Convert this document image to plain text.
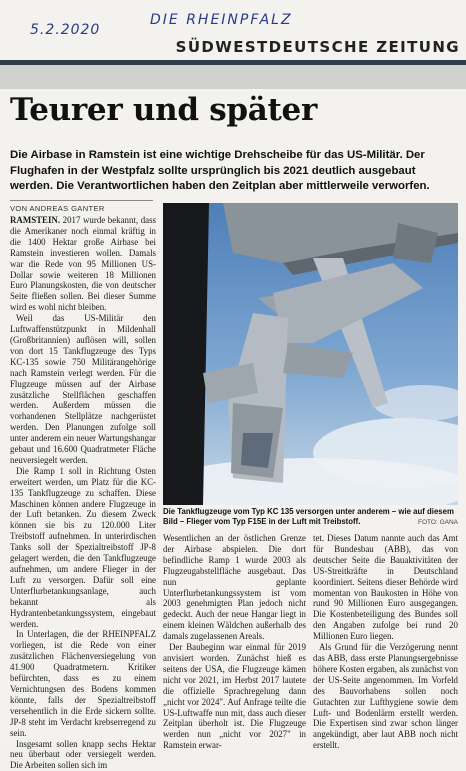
5.2.2020
DIE RHEINPFALZ
SÜDWESTDEUTSCHE ZEITUNG
Teurer und später
Die Airbase in Ramstein ist eine wichtige Drehscheibe für das US-Militär. Der Flughafen in der Westpfalz sollte ursprünglich bis 2021 deutlich ausgebaut werden. Die Verantwortlichen haben den Zeitplan aber mittlerweile verworfen.
VON ANDREAS GANTER

RAMSTEIN. 2017 wurde bekannt, dass die Amerikaner noch einmal kräftig in die 1400 Hektar große Airbase bei Ramstein investieren wollen. Damals war die Rede von 95 Millionen US-Dollar sowie weiteren 18 Millionen Euro Planungskosten, die von deutscher Seite fließen sollen. Bei dieser Summe wird es wohl nicht bleiben.

Weil das US-Militär den Luftwaffenstützpunkt in Mildenhall (Großbritannien) auflösen will, sollen von dort 15 Tankflugzeuge des Typs KC-135 sowie 750 Militärangehörige nach Ramstein verlegt werden. Für die Flugzeuge müssen auf der Airbase zusätzliche Stellflächen geschaffen werden. Außerdem müssen die vorhandenen Stellplätze nachgerüstet werden. Den Planungen zufolge soll unter anderem ein neuer Wartungshangar gebaut und 16.600 Quadratmeter Fläche neuversiegelt werden.

Die Ramp 1 soll in Richtung Osten erweitert werden, um Platz für die KC-135 Tankflugzeuge zu schaffen. Diese Maschinen können andere Flugzeuge in der Luft betanken. Zu diesem Zweck können sie bis zu 120.000 Liter Treibstoff aufnehmen. In unterirdischen Tanks soll der Spezialtreibstoff JP-8 gelagert werden, die den Tankflugzeuge aufnehmen, um andere Flieger in der Luft zu versorgen. Dafür soll eine Unterflurbetankungsanlage, auch bekannt als Hydrantenbetankungssystem, eingebaut werden.

In Unterlagen, die der RHEINPFALZ vorliegen, ist die Rede von einer zusätzlichen Flächenversiegelung von 41.900 Quadratmetern. Kritiker befürchten, dass es zu einem Vernichtungsen des Bodens kommen könnte, falls der Spezialtreibstoff versehentlich in die Erde sickern sollte. JP-8 steht im Verdacht krebserregend zu sein.

Insgesamt sollen knapp sechs Hektar neu überbaut oder versiegelt werden. Die Arbeiten sollen sich im

Die Tankflugzeuge vom Typ KC 135 versorgen unter anderem – wie auf diesem Bild – Flieger vom Typ F15E in der Luft mit Treibstoff.	FOTO: GANA

Wesentlichen an der östlichen Grenze der Airbase abspielen. Die dort befindliche Ramp 1 wurde 2003 als Flugzeugabstellfläche ausgebaut. Das nun geplante Unterflurbetankungssystem ist vom 2003 genehmigten Plan jedoch nicht gedeckt. Auch der neue Hangar liegt in einem kleinen Wäldchen außerhalb des damals zugelassenen Areals.

Der Baubeginn war einmal für 2019 anvisiert worden. Zunächst hieß es seitens der USA, die Flugzeuge kämen nicht vor 2021, im Herbst 2017 lautete die offizielle Sprachregelung dann „nicht vor 2024". Auf Anfrage teilte die US-Luftwaffe nun mit, dass auch dieser Zeitplan überholt ist. Die Flugzeuge werden nun „nicht vor 2027" in Ramstein erwar-

tet. Dieses Datum nannte auch das Amt für Bundesbau (ABB), das von deutscher Seite die Bauaktivitäten der US-Streitkräfte in Deutschland koordiniert. Seitens dieser Behörde wird momentan von Baukosten in Höhe von rund 90 Millionen Euro ausgegangen. Die Kostenbeteiligung des Bundes soll den Angaben zufolge bei rund 20 Millionen Euro liegen.

Als Grund für die Verzögerung nennt das ABB, dass erste Planungsergebnisse höhere Kosten ergaben, als zunächst von der US-Seite angenommen. Im Vorfeld des Bauvorhabens sollen noch Gutachten zur Lufthygiene sowie dem Luft- und Bodenlärm erstellt werden. Die Expertisen sind zwar schon länger angekündigt, aber laut ABB noch nicht erstellt.
